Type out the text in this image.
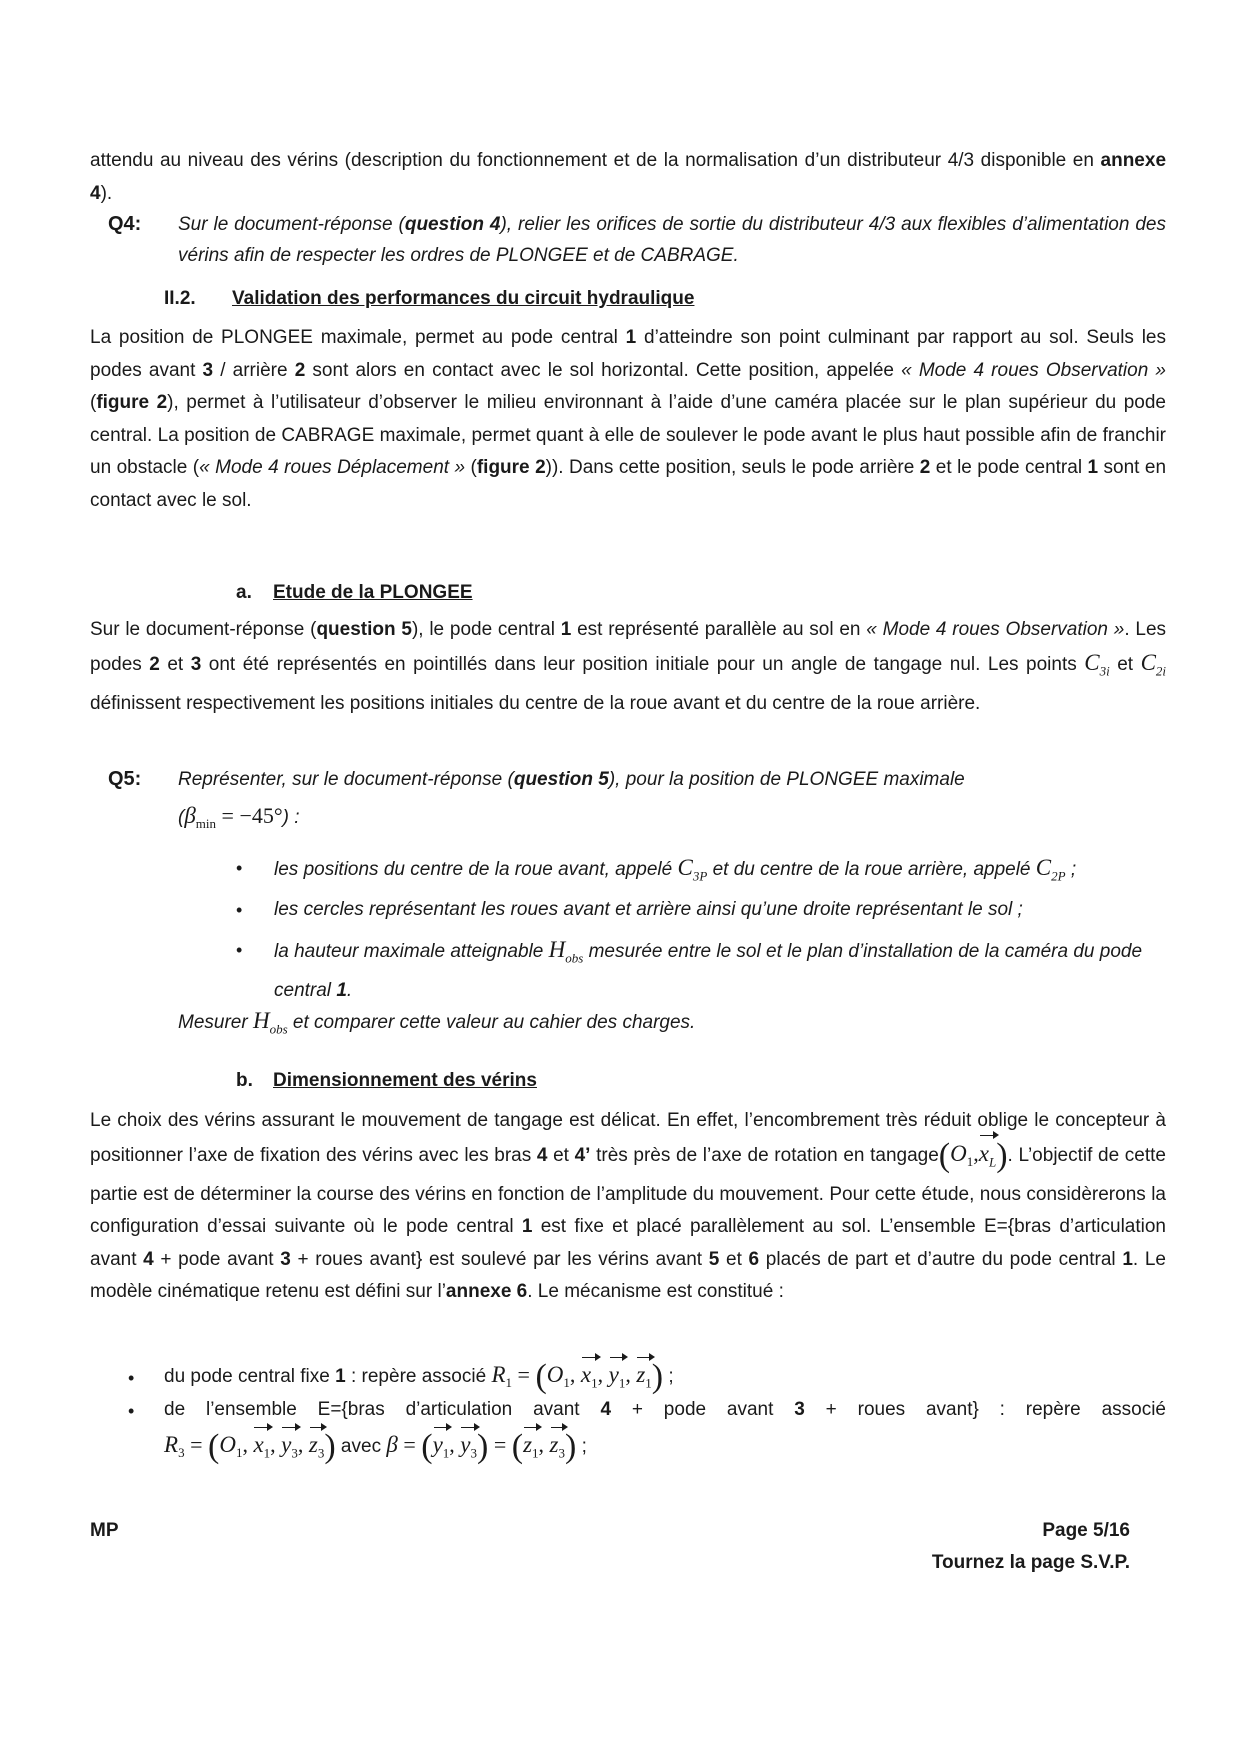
attendu au niveau des vérins (description du fonctionnement et de la normalisation d’un distributeur 4/3 disponible en annexe 4).

Q4: Sur le document-réponse (question 4), relier les orifices de sortie du distributeur 4/3 aux flexibles d’alimentation des vérins afin de respecter les ordres de PLONGEE et de CABRAGE.

II.2. Validation des performances du circuit hydraulique

La position de PLONGEE maximale, permet au pode central 1 d’atteindre son point culminant par rapport au sol. Seuls les podes avant 3 / arrière 2 sont alors en contact avec le sol horizontal. Cette position, appelée « Mode 4 roues Observation » (figure 2), permet à l’utilisateur d’observer le milieu environnant à l’aide d’une caméra placée sur le plan supérieur du pode central. La position de CABRAGE maximale, permet quant à elle de soulever le pode avant le plus haut possible afin de franchir un obstacle (« Mode 4 roues Déplacement » (figure 2)). Dans cette position, seuls le pode arrière 2 et le pode central 1 sont en contact avec le sol.

a. Etude de la PLONGEE

Sur le document-réponse (question 5), le pode central 1 est représenté parallèle au sol en « Mode 4 roues Observation ». Les podes 2 et 3 ont été représentés en pointillés dans leur position initiale pour un angle de tangage nul. Les points $C_{3i}$ et $C_{2i}$ définissent respectivement les positions initiales du centre de la roue avant et du centre de la roue arrière.

Q5: Représenter, sur le document-réponse (question 5), pour la position de PLONGEE maximale

$(\beta_{min} = -45^\circ)$ :
• les positions du centre de la roue avant, appelé $C_{3P}$ et du centre de la roue arrière, appelé $C_{2P}$ ;

• les cercles représentant les roues avant et arrière ainsi qu’une droite représentant le sol ;

• la hauteur maximale atteignable $H_{obs}$ mesurée entre le sol et le plan d’installation de la caméra du pode central 1.

Mesurer $H_{obs}$ et comparer cette valeur au cahier des charges.

b. Dimensionnement des vérins

Le choix des vérins assurant le mouvement de tangage est délicat. En effet, l’encombrement très réduit oblige le concepteur à positionner l’axe de fixation des vérins avec les bras 4 et 4’ très près de l’axe de rotation en $tangage(O_1,x_L)$. L’objectif de cette partie est de déterminer la course des vérins en fonction de l’amplitude du mouvement. Pour cette étude, nous considèrerons la configuration d’essai suivante où le pode central 1 est fixe et placé parallèlement au sol. L’ensemble E={bras d’articulation avant 4 + pode avant 3 + roues avant} est soulevé par les vérins avant 5 et 6 placés de part et d’autre du pode central 1. Le modèle cinématique retenu est défini sur l’annexe 6. Le mécanisme est constitué :

• du pode central fixe 1 : repère associé $R_1 = (O_1$, $x_1$, $y_1$, $z_1$) ;

• de l’ensemble E={bras d’articulation avant 4 + pode avant 3 + roues avant} : repère associé

$R_3 = (O_1$, $x_1$, $y_3$, $z_3$) avec $\beta = (y_1$, $y_3) = (z_1$, $z_3$) ;

MP	Page 5/16
Tournez la page S.V.P.
